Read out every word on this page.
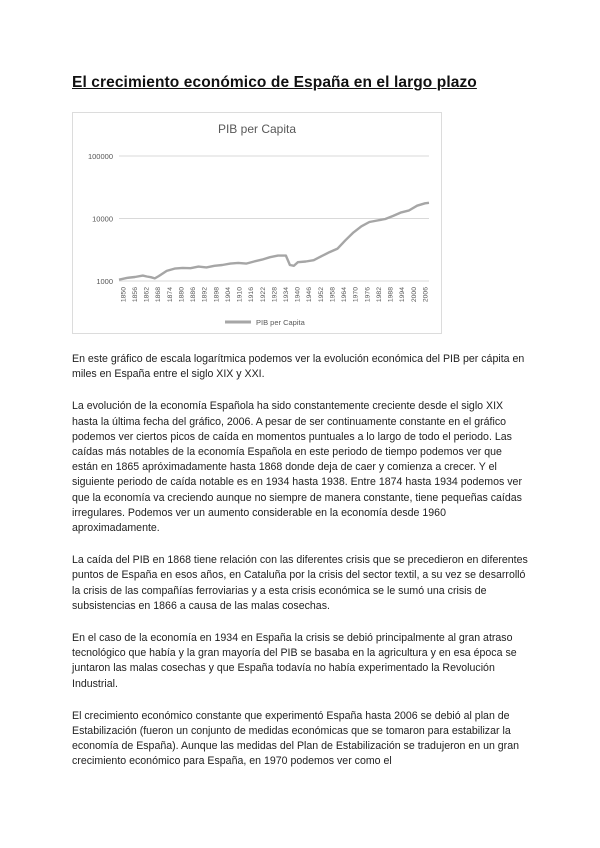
El crecimiento económico de España en el largo plazo
PIB per Capita
1000
10000
100000
1850 1856 1862 1868 1874 1880 1886 1892 1898 1904 1910 1916 1922 1928 1934 1940 1946 1952 1958 1964 1970 1976 1982 1988 1994 2000 2006
PIB per Capita

En este gráfico de escala logarítmica podemos ver la evolución económica del PIB per cápita en miles en España entre el siglo XIX y XXI.

La evolución de la economía Española ha sido constantemente creciente desde el siglo XIX hasta la última fecha del gráfico, 2006. A pesar de ser continuamente constante en el gráfico podemos ver ciertos picos de caída en momentos puntuales a lo largo de todo el periodo. Las caídas más notables de la economía Española en este periodo de tiempo podemos ver que están en 1865 apróximadamente hasta 1868 donde deja de caer y comienza a crecer. Y el siguiente periodo de caída notable es en 1934 hasta 1938. Entre 1874 hasta 1934 podemos ver que la economía va creciendo aunque no siempre de manera constante, tiene pequeñas caídas irregulares. Podemos ver un aumento considerable en la economía desde 1960 aproximadamente.

La caída del PIB en 1868 tiene relación con las diferentes crisis que se precedieron en diferentes puntos de España en esos años, en Cataluña por la crisis del sector textil, a su vez se desarrolló la crisis de las compañías ferroviarias y a esta crisis económica se le sumó una crisis de subsistencias en 1866 a causa de las malas cosechas.

En el caso de la economía en 1934 en España la crisis se debió principalmente al gran atraso tecnológico que había y la gran mayoría del PIB se basaba en la agricultura y en esa época se juntaron las malas cosechas y que España todavía no había experimentado la Revolución Industrial.

El crecimiento económico constante que experimentó España hasta 2006 se debió al plan de Estabilización (fueron un conjunto de medidas económicas que se tomaron para estabilizar la economía de España). Aunque las medidas del Plan de Estabilización se tradujeron en un gran crecimiento económico para España, en 1970 podemos ver como el
